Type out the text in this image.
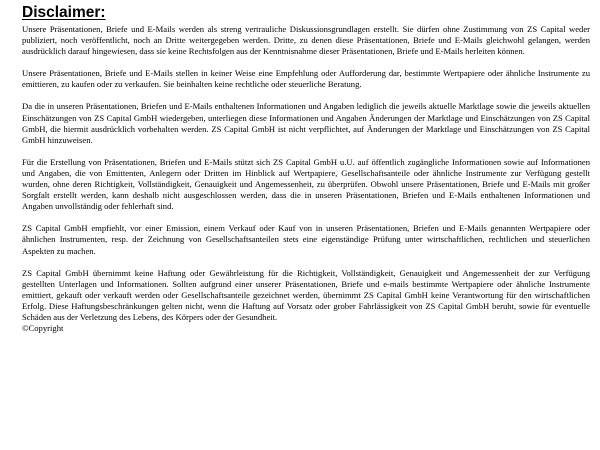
Disclaimer:

Unsere Präsentationen, Briefe und E-Mails werden als streng vertrauliche Diskussionsgrundlagen erstellt. Sie dürfen ohne Zustimmung von ZS Capital weder publiziert, noch veröffentlicht, noch an Dritte weitergegeben werden. Dritte, zu denen diese Präsentationen, Briefe und E-Mails gleichwohl gelangen, werden ausdrücklich darauf hingewiesen, dass sie keine Rechtsfolgen aus der Kenntnisnahme dieser Präsentationen, Briefe und E-Mails herleiten können.

Unsere Präsentationen, Briefe und E-Mails stellen in keiner Weise eine Empfehlung oder Aufforderung dar, bestimmte Wertpapiere oder ähnliche Instrumente zu emittieren, zu kaufen oder zu verkaufen. Sie beinhalten keine rechtliche oder steuerliche Beratung.

Da die in unseren Präsentationen, Briefen und E-Mails enthaltenen Informationen und Angaben lediglich die jeweils aktuelle Marktlage sowie die jeweils aktuellen Einschätzungen von ZS Capital GmbH wiedergeben, unterliegen diese Informationen und Angaben Änderungen der Marktlage und Einschätzungen von ZS Capital GmbH, die hiermit ausdrücklich vorbehalten werden. ZS Capital GmbH ist nicht verpflichtet, auf Änderungen der Marktlage und Einschätzungen von ZS Capital GmbH hinzuweisen.

Für die Erstellung von Präsentationen, Briefen und E-Mails stützt sich ZS Capital GmbH u.U. auf öffentlich zugängliche Informationen sowie auf Informationen und Angaben, die von Emittenten, Anlegern oder Dritten im Hinblick auf Wertpapiere, Gesellschaftsanteile oder ähnliche Instrumente zur Verfügung gestellt wurden, ohne deren Richtigkeit, Vollständigkeit, Genauigkeit und Angemessenheit, zu überprüfen. Obwohl unsere Präsentationen, Briefe und E-Mails mit großer Sorgfalt erstellt werden, kann deshalb nicht ausgeschlossen werden, dass die in unseren Präsentationen, Briefen und E-Mails enthaltenen Informationen und Angaben unvollständig oder fehlerhaft sind.

ZS Capital GmbH empfiehlt, vor einer Emission, einem Verkauf oder Kauf von in unseren Präsentationen, Briefen und E-Mails genannten Wertpapiere oder ähnlichen Instrumenten, resp. der Zeichnung von Gesellschaftsanteilen stets eine eigenständige Prüfung unter wirtschaftlichen, rechtlichen und steuerlichen Aspekten zu machen.

ZS Capital GmbH übernimmt keine Haftung oder Gewährleistung für die Richtigkeit, Vollständigkeit, Genauigkeit und Angemessenheit der zur Verfügung gestellten Unterlagen und Informationen. Sollten aufgrund einer unserer Präsentationen, Briefe und e-mails bestimmte Wertpapiere oder ähnliche Instrumente emittiert, gekauft oder verkauft werden oder Gesellschaftsanteile gezeichnet werden, übernimmt ZS Capital GmbH keine Verantwortung für den wirtschaftlichen Erfolg. Diese Haftungsbeschränkungen gelten nicht, wenn die Haftung auf Vorsatz oder grober Fahrlässigkeit von ZS Capital GmbH beruht, sowie für eventuelle Schäden aus der Verletzung des Lebens, des Körpers oder der Gesundheit.

©Copyright
